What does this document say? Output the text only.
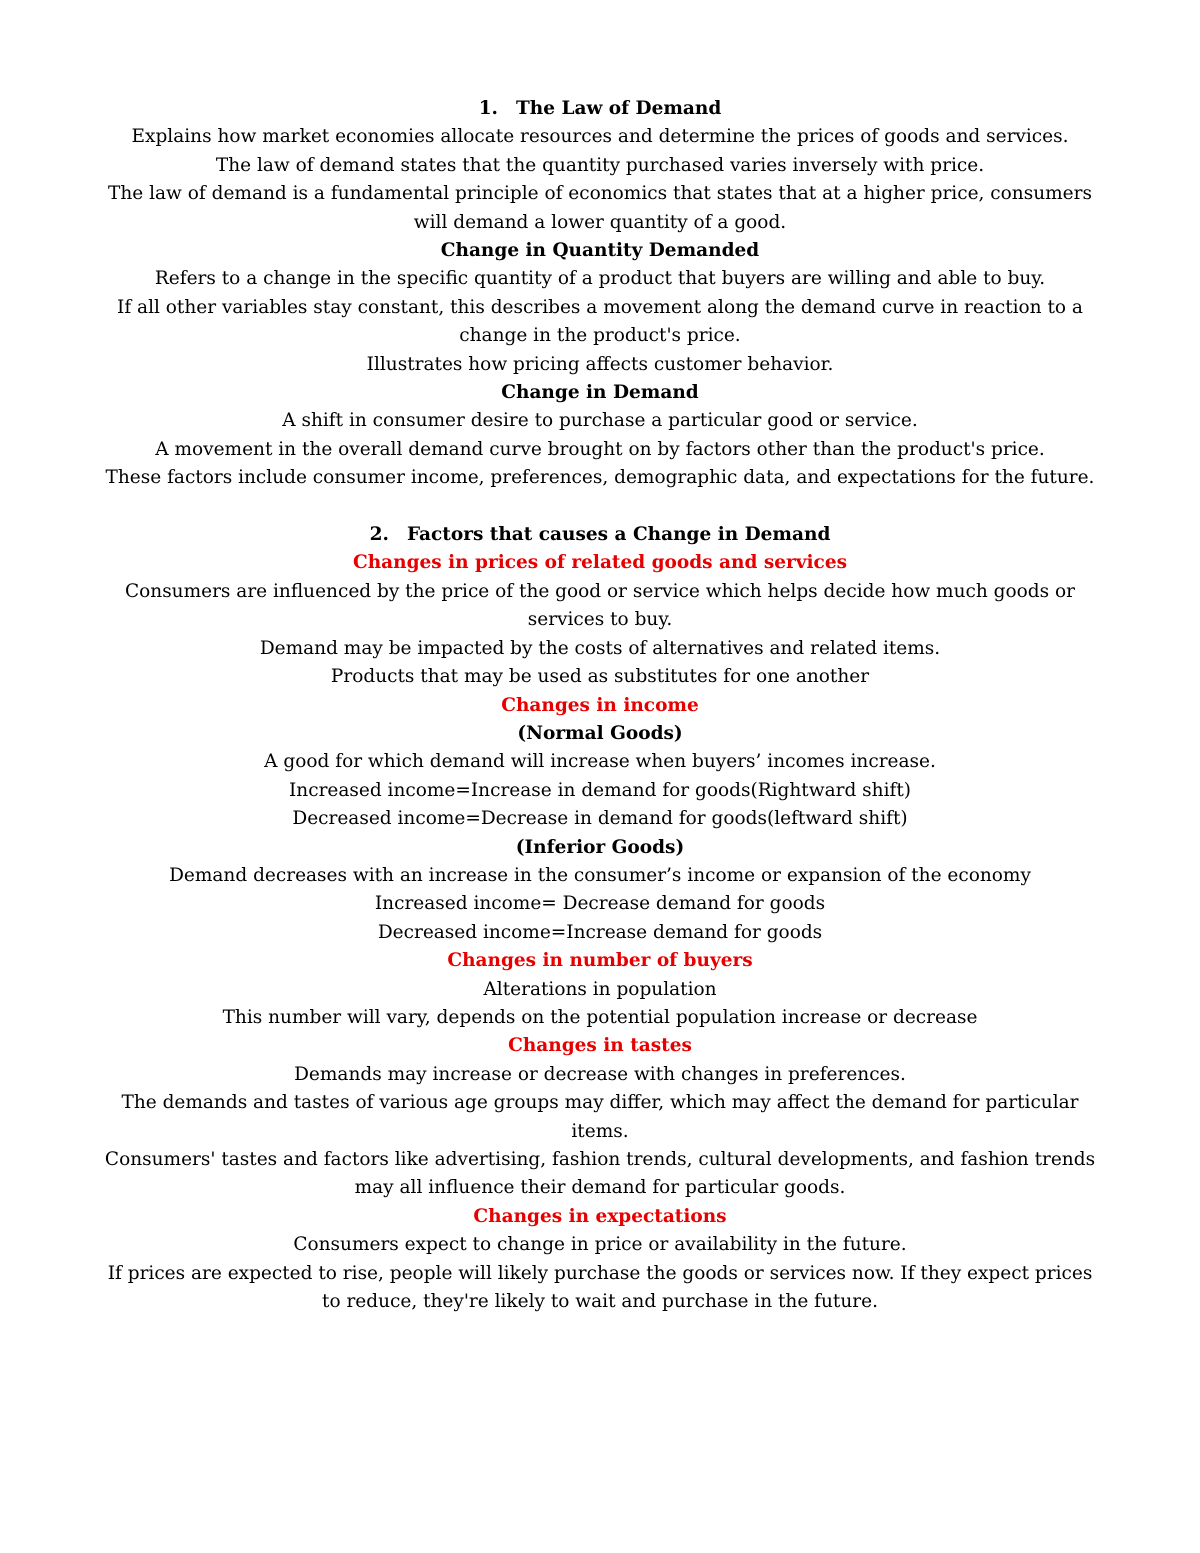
1. The Law of Demand

Explains how market economies allocate resources and determine the prices of goods and services.

The law of demand states that the quantity purchased varies inversely with price.

The law of demand is a fundamental principle of economics that states that at a higher price, consumers will demand a lower quantity of a good.

Change in Quantity Demanded

Refers to a change in the specific quantity of a product that buyers are willing and able to buy.

If all other variables stay constant, this describes a movement along the demand curve in reaction to a change in the product's price.

Illustrates how pricing affects customer behavior.

Change in Demand

A shift in consumer desire to purchase a particular good or service.

A movement in the overall demand curve brought on by factors other than the product's price.

These factors include consumer income, preferences, demographic data, and expectations for the future.

2. Factors that causes a Change in Demand

Changes in prices of related goods and services

Consumers are influenced by the price of the good or service which helps decide how much goods or services to buy.

Demand may be impacted by the costs of alternatives and related items.

Products that may be used as substitutes for one another

Changes in income

(Normal Goods)

A good for which demand will increase when buyers’ incomes increase.

Increased income=Increase in demand for goods(Rightward shift)

Decreased income=Decrease in demand for goods(leftward shift)

(Inferior Goods)

Demand decreases with an increase in the consumer’s income or expansion of the economy

Increased income= Decrease demand for goods

Decreased income=Increase demand for goods

Changes in number of buyers

Alterations in population

This number will vary, depends on the potential population increase or decrease

Changes in tastes

Demands may increase or decrease with changes in preferences.

The demands and tastes of various age groups may differ, which may affect the demand for particular items.

Consumers' tastes and factors like advertising, fashion trends, cultural developments, and fashion trends may all influence their demand for particular goods.

Changes in expectations

Consumers expect to change in price or availability in the future.

If prices are expected to rise, people will likely purchase the goods or services now. If they expect prices to reduce, they're likely to wait and purchase in the future.
